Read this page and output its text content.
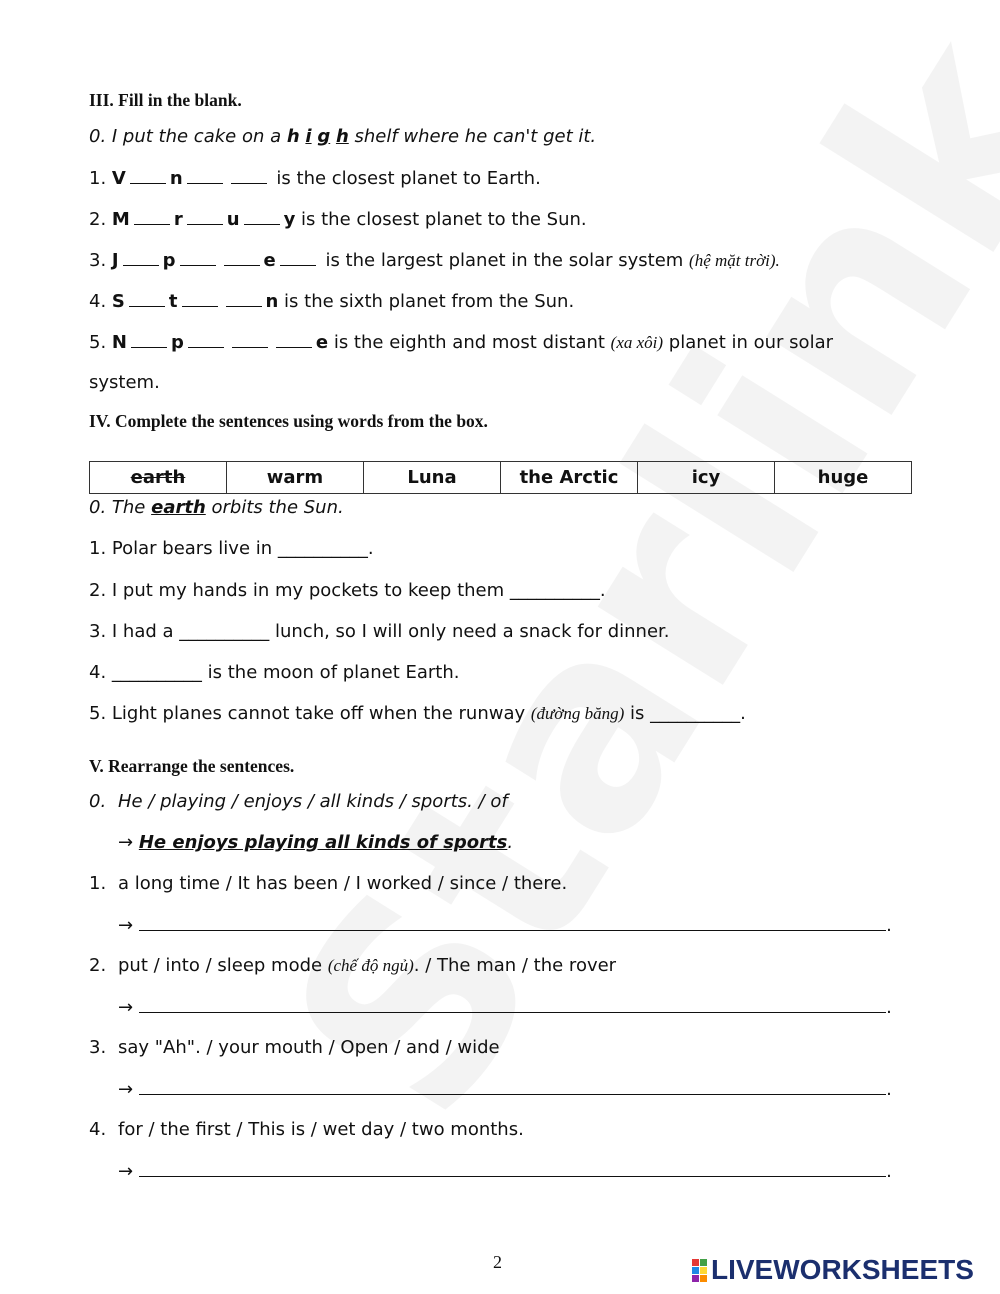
III. Fill in the blank.
0. I put the cake on a h i g h shelf where he can't get it.
1. V n	is the closest planet to Earth.
2. M r u y is the closest planet to the Sun.
3. J p	e is the largest planet in the solar system (hệ mặt trời).
4. S t	n is the sixth planet from the Sun.
5. N p	e is the eighth and most distant (xa xôi) planet in our solar
system.
IV. Complete the sentences using words from the box.
earth	warm	Luna	the Arctic	icy	huge
0. The earth orbits the Sun.
1. Polar bears live in __________.
2. I put my hands in my pockets to keep them __________.
3. I had a __________ lunch, so I will only need a snack for dinner.
4. __________ is the moon of planet Earth.
5. Light planes cannot take off when the runway (đường băng) is __________.
V. Rearrange the sentences.
0. He / playing / enjoys / all kinds / sports. / of
→ He enjoys playing all kinds of sports.
1. a long time / It has been / I worked / since / there.
→	.
2. put / into / sleep mode (chế độ ngủ). / The man / the rover
→	.
3. say "Ah". / your mouth / Open / and / wide
→	.
4. for / the first / This is / wet day / two months.
→	.
2	LIVEWORKSHEETS
